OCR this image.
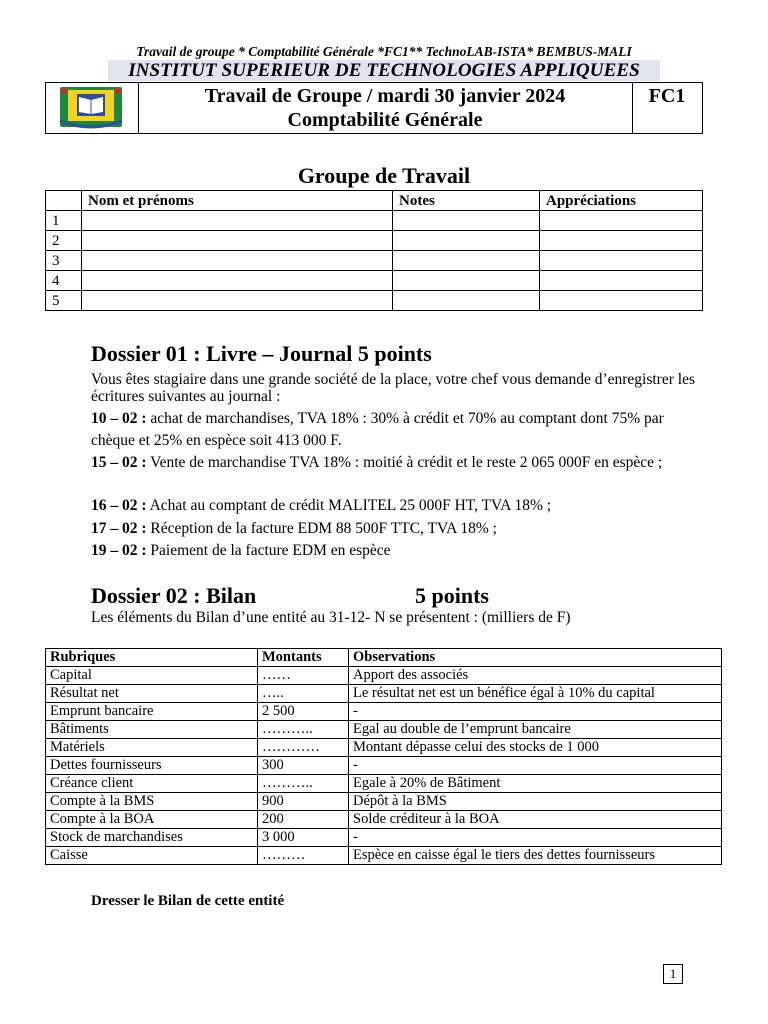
Travail de groupe * Comptabilité Générale *FC1** TechnoLAB-ISTA* BEMBUS-MALI
INSTITUT SUPERIEUR DE TECHNOLOGIES APPLIQUEES
Travail de Groupe / mardi 30 janvier 2024
Comptabilité Générale
FC1
Groupe de Travail
	Nom et prénoms	Notes	Appréciations
1			
2			
3			
4			
5			
Dossier 01 : Livre – Journal 5 points
Vous êtes stagiaire dans une grande société de la place, votre chef vous demande d’enregistrer les écritures suivantes au journal :
10 – 02 : achat de marchandises, TVA 18% : 30% à crédit et 70% au comptant dont 75% par chèque et 25% en espèce soit 413 000 F.
15 – 02 : Vente de marchandise TVA 18% : moitié à crédit et le reste 2 065 000F en espèce ;
16 – 02 : Achat au comptant de crédit MALITEL 25 000F HT, TVA 18% ;
17 – 02 : Réception de la facture EDM 88 500F TTC, TVA 18% ;
19 – 02 : Paiement de la facture EDM en espèce
Dossier 02 : Bilan	5 points
Les éléments du Bilan d’une entité au 31-12- N se présentent : (milliers de F)
Rubriques	Montants	Observations
Capital	……	Apport des associés
Résultat net	…..	Le résultat net est un bénéfice égal à 10% du capital
Emprunt bancaire	2 500	-
Bâtiments	………..	Egal au double de l’emprunt bancaire
Matériels	…………	Montant dépasse celui des stocks de 1 000
Dettes fournisseurs	300	-
Créance client	………..	Egale à 20% de Bâtiment
Compte à la BMS	900	Dépôt à la BMS
Compte à la BOA	200	Solde créditeur à la BOA
Stock de marchandises	3 000	-
Caisse	………	Espèce en caisse égal le tiers des dettes fournisseurs
Dresser le Bilan de cette entité
1
